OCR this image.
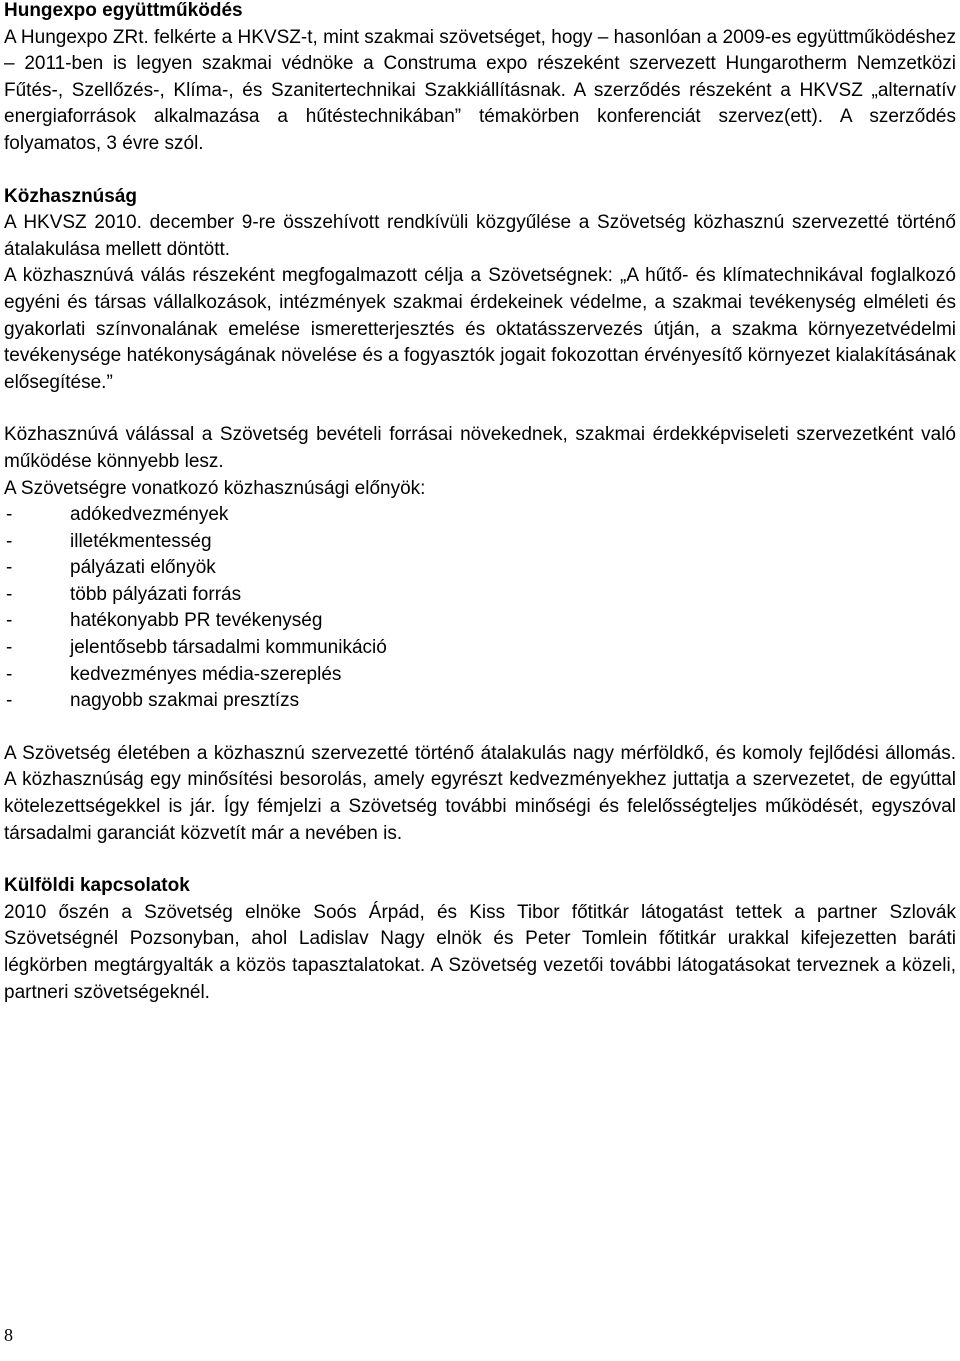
Hungexpo együttműködés

A Hungexpo ZRt. felkérte a HKVSZ-t, mint szakmai szövetséget, hogy – hasonlóan a 2009-es együttműködéshez – 2011-ben is legyen szakmai védnöke a Construma expo részeként szervezett Hungarotherm Nemzetközi Fűtés-, Szellőzés-, Klíma-, és Szanitertechnikai Szakkiállításnak. A szerződés részeként a HKVSZ „alternatív energiaforrások alkalmazása a hűtéstechnikában” témakörben konferenciát szervez(ett). A szerződés folyamatos, 3 évre szól.

Közhasznúság

A HKVSZ 2010. december 9-re összehívott rendkívüli közgyűlése a Szövetség közhasznú szervezetté történő átalakulása mellett döntött.

A közhasznúvá válás részeként megfogalmazott célja a Szövetségnek: „A hűtő- és klímatechnikával foglalkozó egyéni és társas vállalkozások, intézmények szakmai érdekeinek védelme, a szakmai tevékenység elméleti és gyakorlati színvonalának emelése ismeretterjesztés és oktatásszervezés útján, a szakma környezetvédelmi tevékenysége hatékonyságának növelése és a fogyasztók jogait fokozottan érvényesítő környezet kialakításának elősegítése.”

Közhasznúvá válással a Szövetség bevételi forrásai növekednek, szakmai érdekképviseleti szervezetként való működése könnyebb lesz.

A Szövetségre vonatkozó közhasznúsági előnyök:

-	adókedvezmények
-	illetékmentesség
-	pályázati előnyök
-	több pályázati forrás
-	hatékonyabb PR tevékenység
-	jelentősebb társadalmi kommunikáció
-	kedvezményes média-szereplés
-	nagyobb szakmai presztízs

A Szövetség életében a közhasznú szervezetté történő átalakulás nagy mérföldkő, és komoly fejlődési állomás. A közhasznúság egy minősítési besorolás, amely egyrészt kedvezményekhez juttatja a szervezetet, de egyúttal kötelezettségekkel is jár. Így fémjelzi a Szövetség további minőségi és felelősségteljes működését, egyszóval társadalmi garanciát közvetít már a nevében is.

Külföldi kapcsolatok

2010 őszén a Szövetség elnöke Soós Árpád, és Kiss Tibor főtitkár látogatást tettek a partner Szlovák Szövetségnél Pozsonyban, ahol Ladislav Nagy elnök és Peter Tomlein főtitkár urakkal kifejezetten baráti légkörben megtárgyalták a közös tapasztalatokat. A Szövetség vezetői további látogatásokat terveznek a közeli, partneri szövetségeknél.

8
